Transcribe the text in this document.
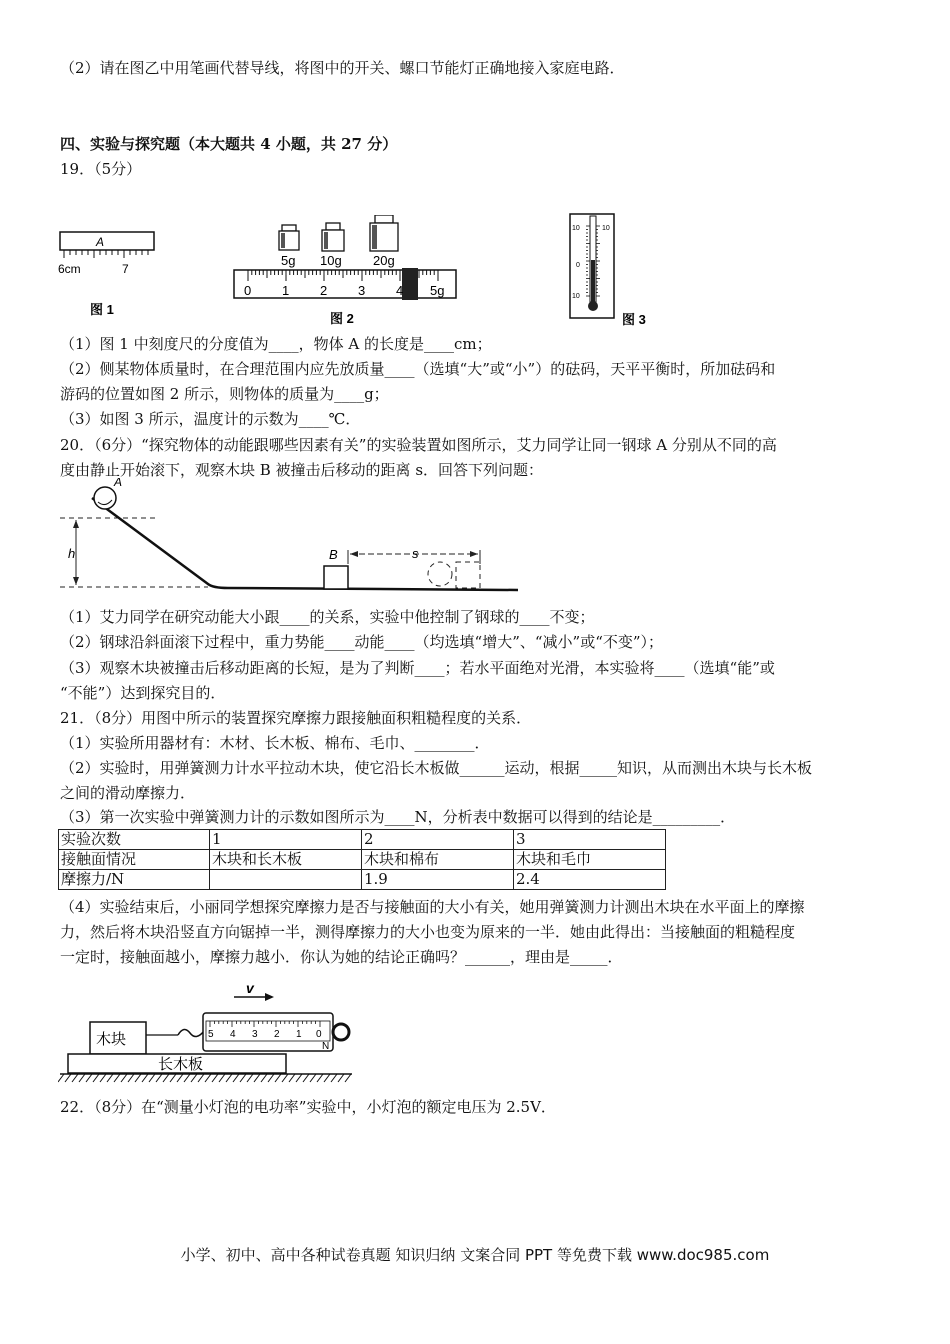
（2）请在图乙中用笔画代替导线，将图中的开关、螺口节能灯正确地接入家庭电路．
四、实验与探究题（本大题共 4 小题，共 27 分）
19．（5分）
A
6cm	7
图 1
5g 10g 20g
0 1 2 3 4 5g
图 2
10	10
0
10
图 3
（1）图 1 中刻度尺的分度值为____，物体 A 的长度是____cm；
（2）侧某物体质量时，在合理范围内应先放质量____（选填“大”或“小”）的砝码，天平平衡时，所加砝码和
游码的位置如图 2 所示，则物体的质量为____g；
（3）如图 3 所示，温度计的示数为____℃．
20．（6分）“探究物体的动能跟哪些因素有关”的实验装置如图所示，艾力同学让同一钢球 A 分别从不同的高
度由静止开始滚下，观察木块 B 被撞击后移动的距离 s．回答下列问题：
h
A
B	s
（1）艾力同学在研究动能大小跟____的关系，实验中他控制了钢球的____不变；
（2）钢球沿斜面滚下过程中，重力势能____动能____（均选填“增大”、“减小”或“不变”）；
（3）观察木块被撞击后移动距离的长短，是为了判断____；若水平面绝对光滑，本实验将____（选填“能”或
“不能”）达到探究目的．
21．（8分）用图中所示的装置探究摩擦力跟接触面积粗糙程度的关系．
（1）实验所用器材有：木材、长木板、棉布、毛巾、________．
（2）实验时，用弹簧测力计水平拉动木块，使它沿长木板做______运动，根据_____知识，从而测出木块与长木板
之间的滑动摩擦力．
（3）第一次实验中弹簧测力计的示数如图所示为____N，分析表中数据可以得到的结论是_________．
实验次数	1	2	3
接触面情况	木块和长木板	木块和棉布	木块和毛巾
摩擦力/N		1.9	2.4
（4）实验结束后，小丽同学想探究摩擦力是否与接触面的大小有关，她用弹簧测力计测出木块在水平面上的摩擦
力，然后将木块沿竖直方向锯掉一半，测得摩擦力的大小也变为原来的一半．她由此得出：当接触面的粗糙程度
一定时，接触面越小，摩擦力越小．你认为她的结论正确吗？______，理由是_____．
v
木块	5 4 3 2 1 0
N
长木板
22．（8分）在“测量小灯泡的电功率”实验中，小灯泡的额定电压为 2.5V．
小学、初中、高中各种试卷真题 知识归纳 文案合同 PPT 等免费下载 www.doc985.com
